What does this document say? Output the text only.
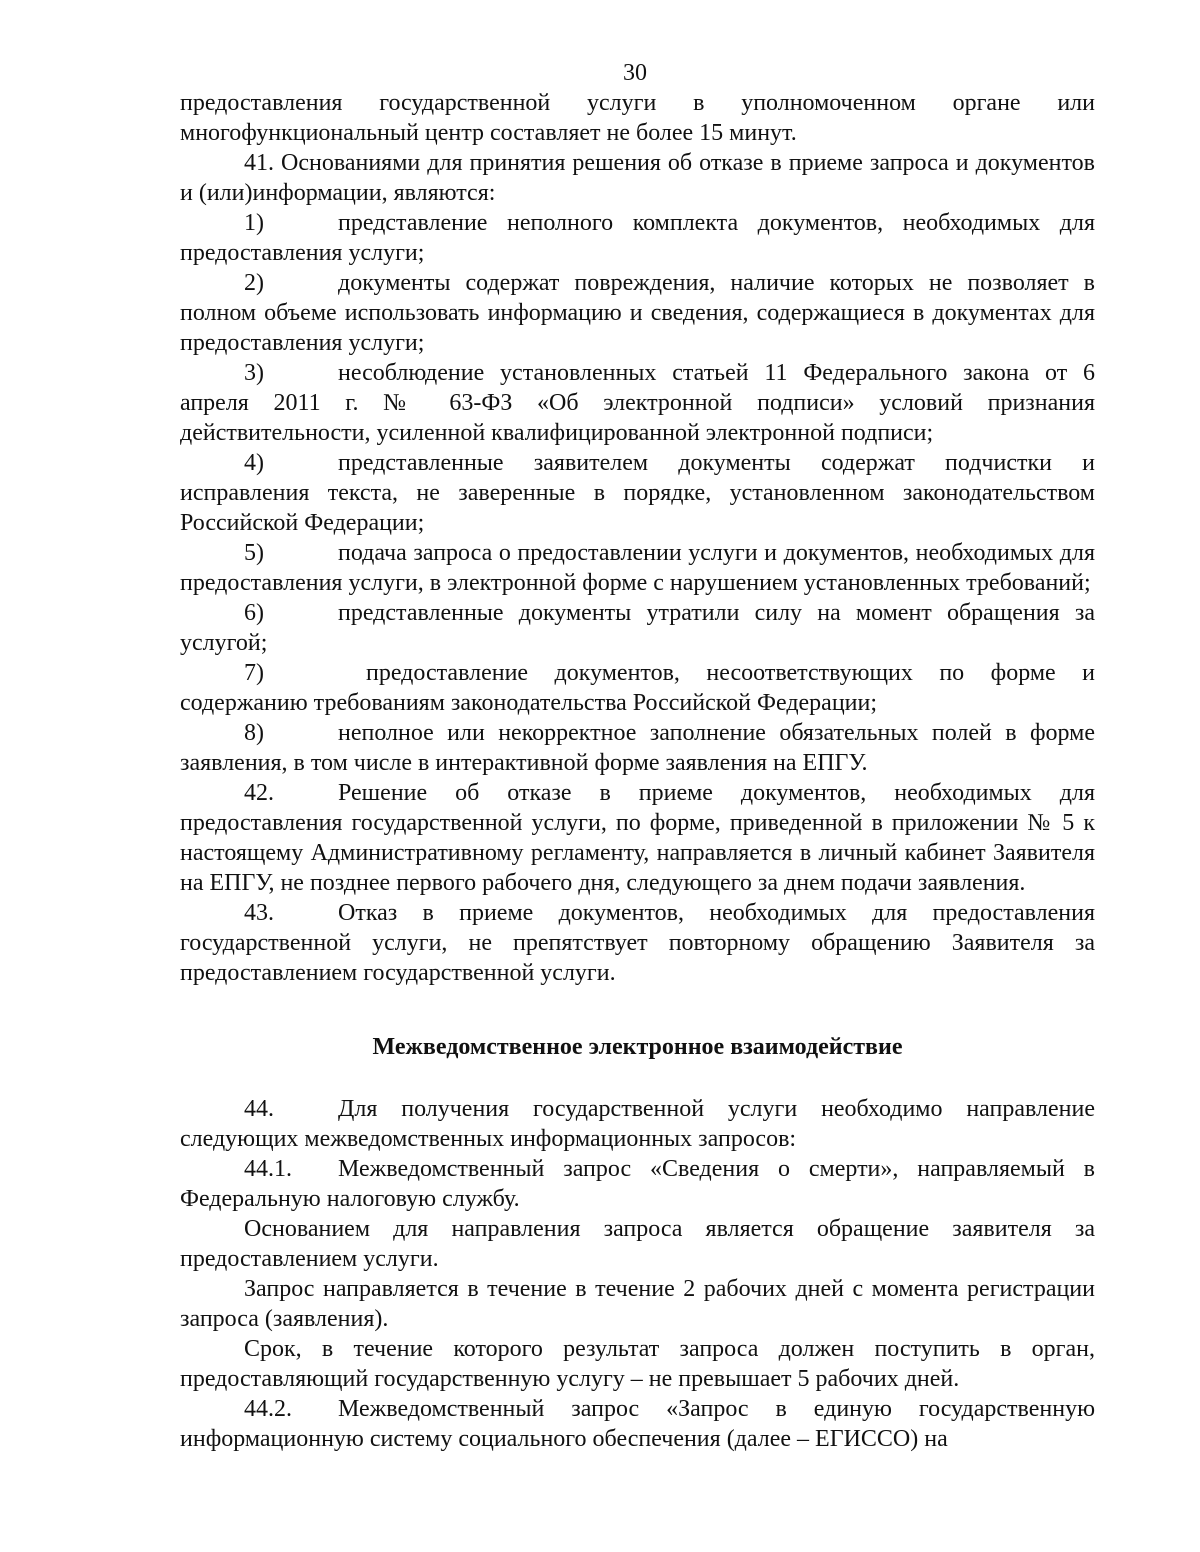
30

предоставления государственной услуги в уполномоченном органе или многофункциональный центр составляет не более 15 минут.

41. Основаниями для принятия решения об отказе в приеме запроса и документов и (или)информации, являются:

1)	представление неполного комплекта документов, необходимых для предоставления услуги;

2)	документы содержат повреждения, наличие которых не позволяет в полном объеме использовать информацию и сведения, содержащиеся в документах для предоставления услуги;

3)	несоблюдение установленных статьей 11 Федерального закона от 6 апреля 2011 г. № 63-ФЗ «Об электронной подписи» условий признания действительности, усиленной квалифицированной электронной подписи;

4)	представленные заявителем документы содержат подчистки и исправления текста, не заверенные в порядке, установленном законодательством Российской Федерации;

5)	подача запроса о предоставлении услуги и документов, необходимых для предоставления услуги, в электронной форме с нарушением установленных требований;

6)	представленные документы утратили силу на момент обращения за услугой;

7)	предоставление документов, несоответствующих по форме и содержанию требованиям законодательства Российской Федерации;

8)	неполное или некорректное заполнение обязательных полей в форме заявления, в том числе в интерактивной форме заявления на ЕПГУ.

42.	Решение об отказе в приеме документов, необходимых для предоставления государственной услуги, по форме, приведенной в приложении № 5 к настоящему Административному регламенту, направляется в личный кабинет Заявителя на ЕПГУ, не позднее первого рабочего дня, следующего за днем подачи заявления.

43.	Отказ в приеме документов, необходимых для предоставления государственной услуги, не препятствует повторному обращению Заявителя за предоставлением государственной услуги.

Межведомственное электронное взаимодействие

44.	Для получения государственной услуги необходимо направление следующих межведомственных информационных запросов:

44.1. Межведомственный запрос «Сведения о смерти», направляемый в Федеральную налоговую службу.

Основанием для направления запроса является обращение заявителя за предоставлением услуги.

Запрос направляется в течение в течение 2 рабочих дней с момента регистрации запроса (заявления).

Срок, в течение которого результат запроса должен поступить в орган, предоставляющий государственную услугу – не превышает 5 рабочих дней.

44.2. Межведомственный запрос «Запрос в единую государственную информационную систему социального обеспечения (далее – ЕГИССО) на
